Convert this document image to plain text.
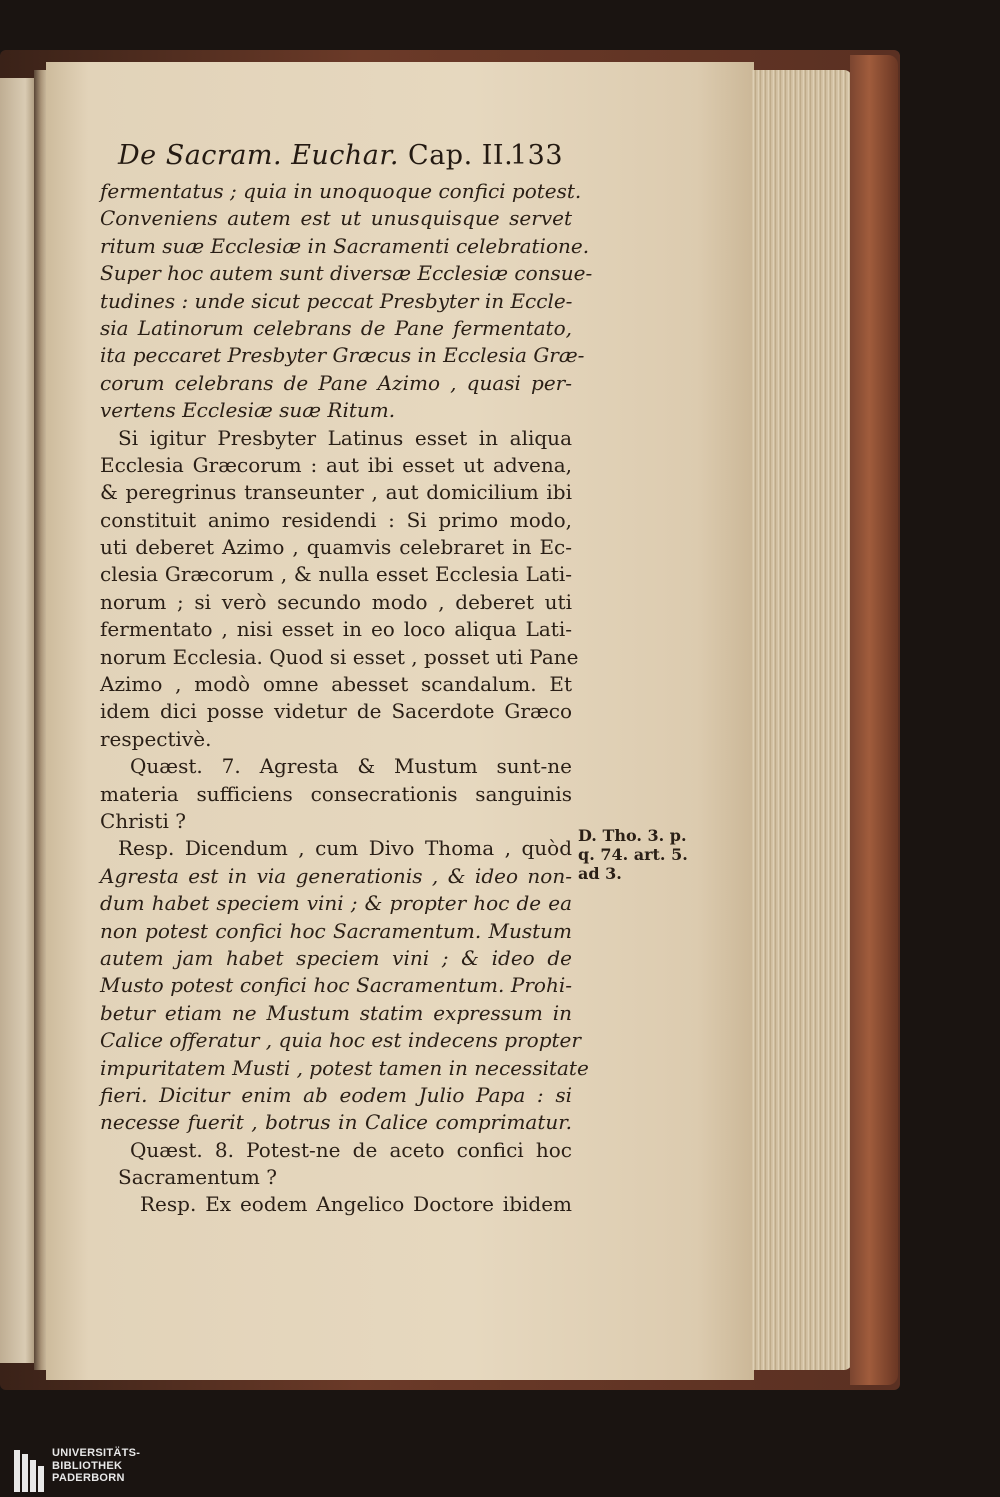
De Sacram. Euchar. Cap. II.
133
fermentatus ; quia in unoquoque confici potest.
Conveniens autem est ut unusquisque servet
ritum suæ Ecclesiæ in Sacramenti celebratione.
Super hoc autem sunt diversæ Ecclesiæ consue-
tudines : unde sicut peccat Presbyter in Eccle-
sia Latinorum celebrans de Pane fermentato,
ita peccaret Presbyter Græcus in Ecclesia Græ-
corum celebrans de Pane Azimo , quasi per-
vertens Ecclesiæ suæ Ritum.
Si igitur Presbyter Latinus esset in aliqua
Ecclesia Græcorum : aut ibi esset ut advena,
& peregrinus transeunter , aut domicilium ibi
constituit animo residendi : Si primo modo,
uti deberet Azimo , quamvis celebraret in Ec-
clesia Græcorum , & nulla esset Ecclesia Lati-
norum ; si verò secundo modo , deberet uti
fermentato , nisi esset in eo loco aliqua Lati-
norum Ecclesia. Quod si esset , posset uti Pane
Azimo , modò omne abesset scandalum. Et
idem dici posse videtur de Sacerdote Græco
respectivè.
Quæst. 7. Agresta & Mustum sunt-ne
materia sufficiens consecrationis sanguinis
Christi ?
Resp. Dicendum , cum Divo Thoma , quòd
Agresta est in via generationis , & ideo non-
dum habet speciem vini ; & propter hoc de ea
non potest confici hoc Sacramentum. Mustum
autem jam habet speciem vini ; & ideo de
Musto potest confici hoc Sacramentum. Prohi-
betur etiam ne Mustum statim expressum in
Calice offeratur , quia hoc est indecens propter
impuritatem Musti , potest tamen in necessitate
fieri. Dicitur enim ab eodem Julio Papa : si
necesse fuerit , botrus in Calice comprimatur.
Quæst. 8. Potest-ne de aceto confici hoc
Sacramentum ?
Resp. Ex eodem Angelico Doctore ibidem
D. Tho. 3. p.
q. 74. art. 5.
ad 3.
UNIVERSITÄTS-
BIBLIOTHEK
PADERBORN
